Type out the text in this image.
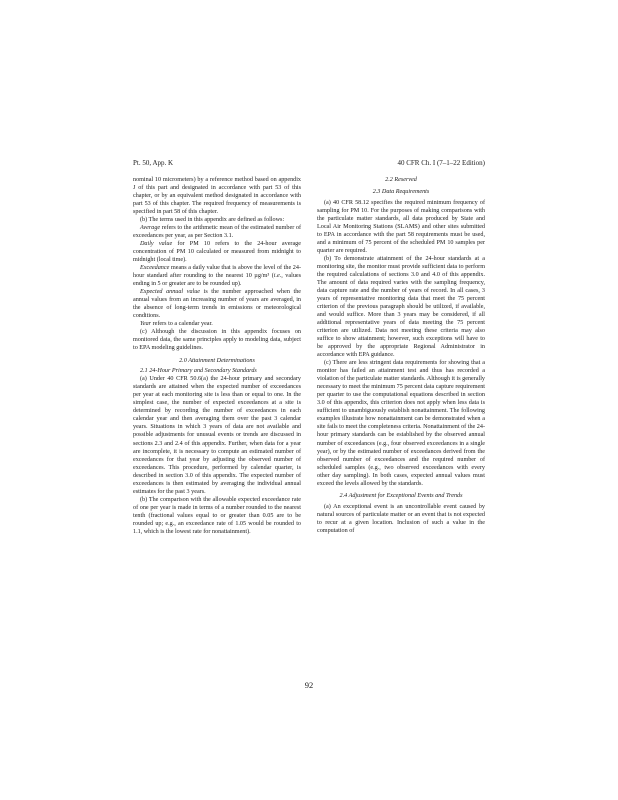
Pt. 50, App. K	40 CFR Ch. I (7–1–22 Edition)

nominal 10 micrometers) by a reference method based on appendix J of this part and designated in accordance with part 53 of this chapter, or by an equivalent method designated in accordance with part 53 of this chapter. The required frequency of measurements is specified in part 58 of this chapter.

(b) The terms used in this appendix are defined as follows:

Average refers to the arithmetic mean of the estimated number of exceedances per year, as per Section 3.1.

Daily value for PM 10 refers to the 24-hour average concentration of PM 10 calculated or measured from midnight to midnight (local time).

Exceedance means a daily value that is above the level of the 24-hour standard after rounding to the nearest 10 µg/m³ (i.e., values ending in 5 or greater are to be rounded up).

Expected annual value is the number approached when the annual values from an increasing number of years are averaged, in the absence of long-term trends in emissions or meteorological conditions.

Year refers to a calendar year.

(c) Although the discussion in this appendix focuses on monitored data, the same principles apply to modeling data, subject to EPA modeling guidelines.

2.0 Attainment Determinations
2.1 24-Hour Primary and Secondary Standards

(a) Under 40 CFR 50.6(a) the 24-hour primary and secondary standards are attained when the expected number of exceedances per year at each monitoring site is less than or equal to one. In the simplest case, the number of expected exceedances at a site is determined by recording the number of exceedances in each calendar year and then averaging them over the past 3 calendar years. Situations in which 3 years of data are not available and possible adjustments for unusual events or trends are discussed in sections 2.3 and 2.4 of this appendix. Further, when data for a year are incomplete, it is necessary to compute an estimated number of exceedances for that year by adjusting the observed number of exceedances. This procedure, performed by calendar quarter, is described in section 3.0 of this appendix. The expected number of exceedances is then estimated by averaging the individual annual estimates for the past 3 years.

(b) The comparison with the allowable expected exceedance rate of one per year is made in terms of a number rounded to the nearest tenth (fractional values equal to or greater than 0.05 are to be rounded up; e.g., an exceedance rate of 1.05 would be rounded to 1.1, which is the lowest rate for nonattainment).

2.2 Reserved
2.3 Data Requirements

(a) 40 CFR 58.12 specifies the required minimum frequency of sampling for PM 10. For the purposes of making comparisons with the particulate matter standards, all data produced by State and Local Air Monitoring Stations (SLAMS) and other sites submitted to EPA in accordance with the part 58 requirements must be used, and a minimum of 75 percent of the scheduled PM 10 samples per quarter are required.

(b) To demonstrate attainment of the 24-hour standards at a monitoring site, the monitor must provide sufficient data to perform the required calculations of sections 3.0 and 4.0 of this appendix. The amount of data required varies with the sampling frequency, data capture rate and the number of years of record. In all cases, 3 years of representative monitoring data that meet the 75 percent criterion of the previous paragraph should be utilized, if available, and would suffice. More than 3 years may be considered, if all additional representative years of data meeting the 75 percent criterion are utilized. Data not meeting these criteria may also suffice to show attainment; however, such exceptions will have to be approved by the appropriate Regional Administrator in accordance with EPA guidance.

(c) There are less stringent data requirements for showing that a monitor has failed an attainment test and thus has recorded a violation of the particulate matter standards. Although it is generally necessary to meet the minimum 75 percent data capture requirement per quarter to use the computational equations described in section 3.0 of this appendix, this criterion does not apply when less data is sufficient to unambiguously establish nonattainment. The following examples illustrate how nonattainment can be demonstrated when a site fails to meet the completeness criteria. Nonattainment of the 24-hour primary standards can be established by the observed annual number of exceedances (e.g., four observed exceedances in a single year), or by the estimated number of exceedances derived from the observed number of exceedances and the required number of scheduled samples (e.g., two observed exceedances with every other day sampling). In both cases, expected annual values must exceed the levels allowed by the standards.

2.4 Adjustment for Exceptional Events and Trends

(a) An exceptional event is an uncontrollable event caused by natural sources of particulate matter or an event that is not expected to recur at a given location. Inclusion of such a value in the computation of

92
